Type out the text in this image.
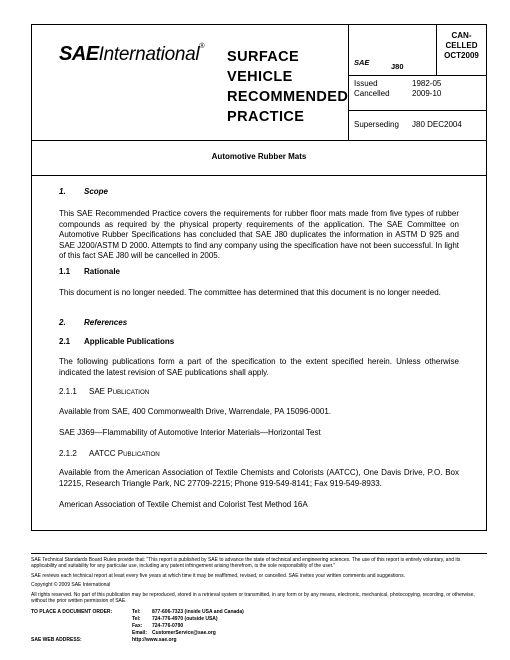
SAEInternational®
SURFACE
VEHICLE
RECOMMENDED
PRACTICE
SAE	J80
CAN-
CELLED
OCT2009
Issued	1982-05
Cancelled	2009-10
Superseding J80 DEC2004
Automotive Rubber Mats
1. Scope

This SAE Recommended Practice covers the requirements for rubber floor mats made from five types of rubber compounds as required by the physical property requirements of the application. The SAE Committee on Automotive Rubber Specifications has concluded that SAE J80 duplicates the information in ASTM D 925 and SAE J200/ASTM D 2000. Attempts to find any company using the specification have not been successful. In light of this fact SAE J80 will be cancelled in 2005.

1.1 Rationale

This document is no longer needed. The committee has determined that this document is no longer needed.

2. References
2.1 Applicable Publications

The following publications form a part of the specification to the extent specified herein. Unless otherwise indicated the latest revision of SAE publications shall apply.

2.1.1 SAE PUBLICATION

Available from SAE, 400 Commonwealth Drive, Warrendale, PA 15096-0001.

SAE J369—Flammability of Automotive Interior Materials—Horizontal Test

2.1.2 AATCC PUBLICATION

Available from the American Association of Textile Chemists and Colorists (AATCC), One Davis Drive, P.O. Box 12215, Research Triangle Park, NC 27709-2215; Phone 919-549-8141; Fax 919-549-8933.

American Association of Textile Chemist and Colorist Test Method 16A

SAE Technical Standards Board Rules provide that: “This report is published by SAE to advance the state of technical and engineering sciences. The use of this report is entirely voluntary, and its applicability and suitability for any particular use, including any patent infringement arising therefrom, is the sole responsibility of the user.”
SAE reviews each technical report at least every five years at which time it may be reaffirmed, revised, or cancelled. SAE invites your written comments and suggestions.
Copyright © 2009 SAE International
All rights reserved. No part of this publication may be reproduced, stored in a retrieval system or transmitted, in any form or by any means, electronic, mechanical, photocopying, recording, or otherwise, without the prior written permission of SAE.
TO PLACE A DOCUMENT ORDER:	Tel: 877-606-7323 (inside USA and Canada)
Tel: 724-776-4970 (outside USA)
Fax: 724-776-0790
Email: CustomerService@sae.org
SAE WEB ADDRESS:	http://www.sae.org
